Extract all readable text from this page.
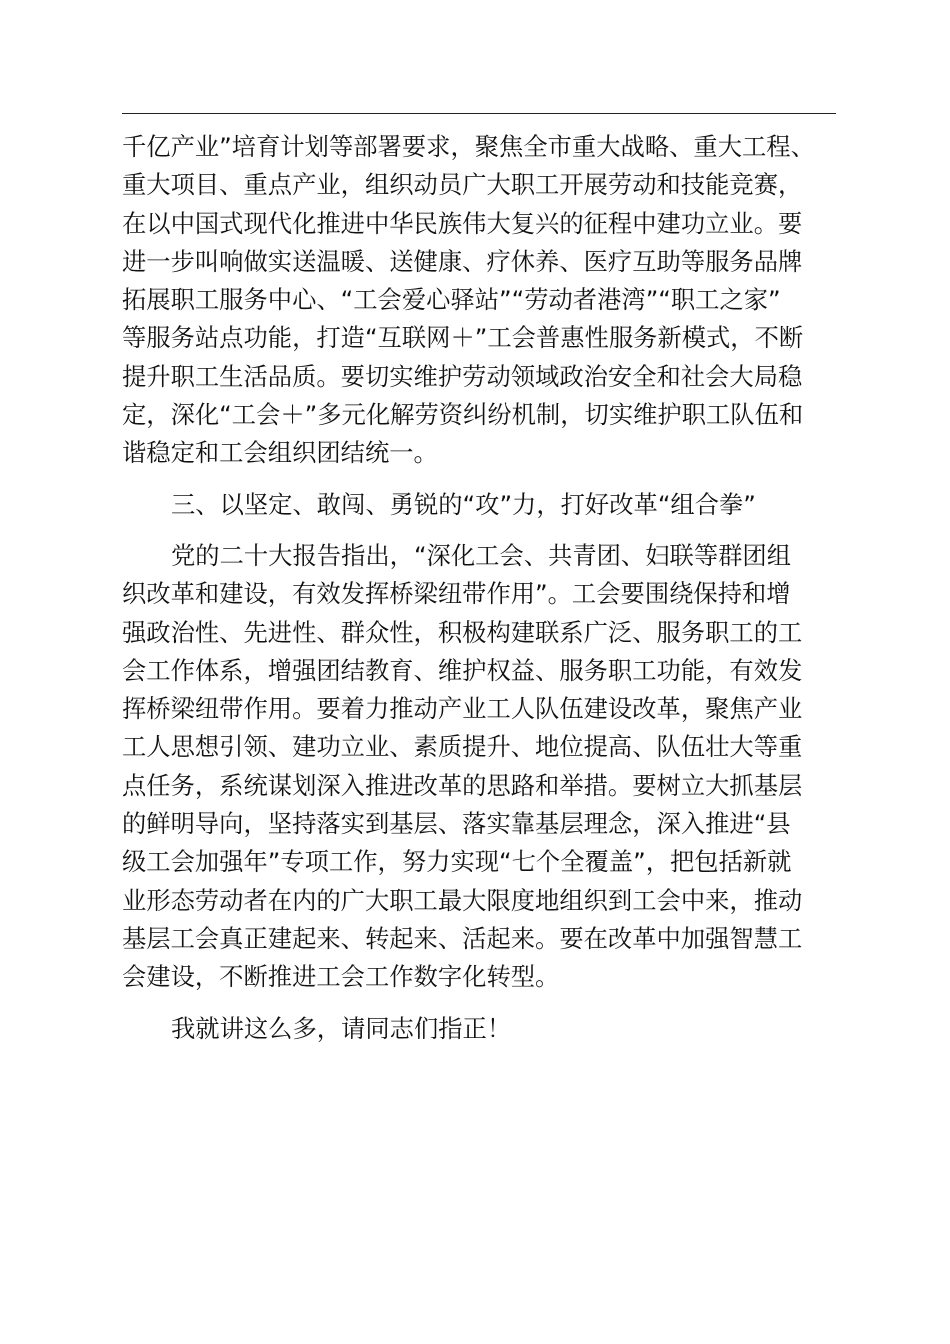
千亿产业”培育计划等部署要求，聚焦全市重大战略、重大工程、
重大项目、重点产业，组织动员广大职工开展劳动和技能竞赛，
在以中国式现代化推进中华民族伟大复兴的征程中建功立业。要
进一步叫响做实送温暖、送健康、疗休养、医疗互助等服务品牌
拓展职工服务中心、“工会爱心驿站”“劳动者港湾”“职工之家”
等服务站点功能，打造“互联网＋”工会普惠性服务新模式，不断
提升职工生活品质。要切实维护劳动领域政治安全和社会大局稳
定，深化“工会＋”多元化解劳资纠纷机制，切实维护职工队伍和
谐稳定和工会组织团结统一。
三、以坚定、敢闯、勇锐的“攻”力，打好改革“组合拳”
党的二十大报告指出，“深化工会、共青团、妇联等群团组
织改革和建设，有效发挥桥梁纽带作用”。工会要围绕保持和增
强政治性、先进性、群众性，积极构建联系广泛、服务职工的工
会工作体系，增强团结教育、维护权益、服务职工功能，有效发
挥桥梁纽带作用。要着力推动产业工人队伍建设改革，聚焦产业
工人思想引领、建功立业、素质提升、地位提高、队伍壮大等重
点任务，系统谋划深入推进改革的思路和举措。要树立大抓基层
的鲜明导向，坚持落实到基层、落实靠基层理念，深入推进“县
级工会加强年”专项工作，努力实现“七个全覆盖”，把包括新就
业形态劳动者在内的广大职工最大限度地组织到工会中来，推动
基层工会真正建起来、转起来、活起来。要在改革中加强智慧工
会建设，不断推进工会工作数字化转型。
我就讲这么多，请同志们指正！
